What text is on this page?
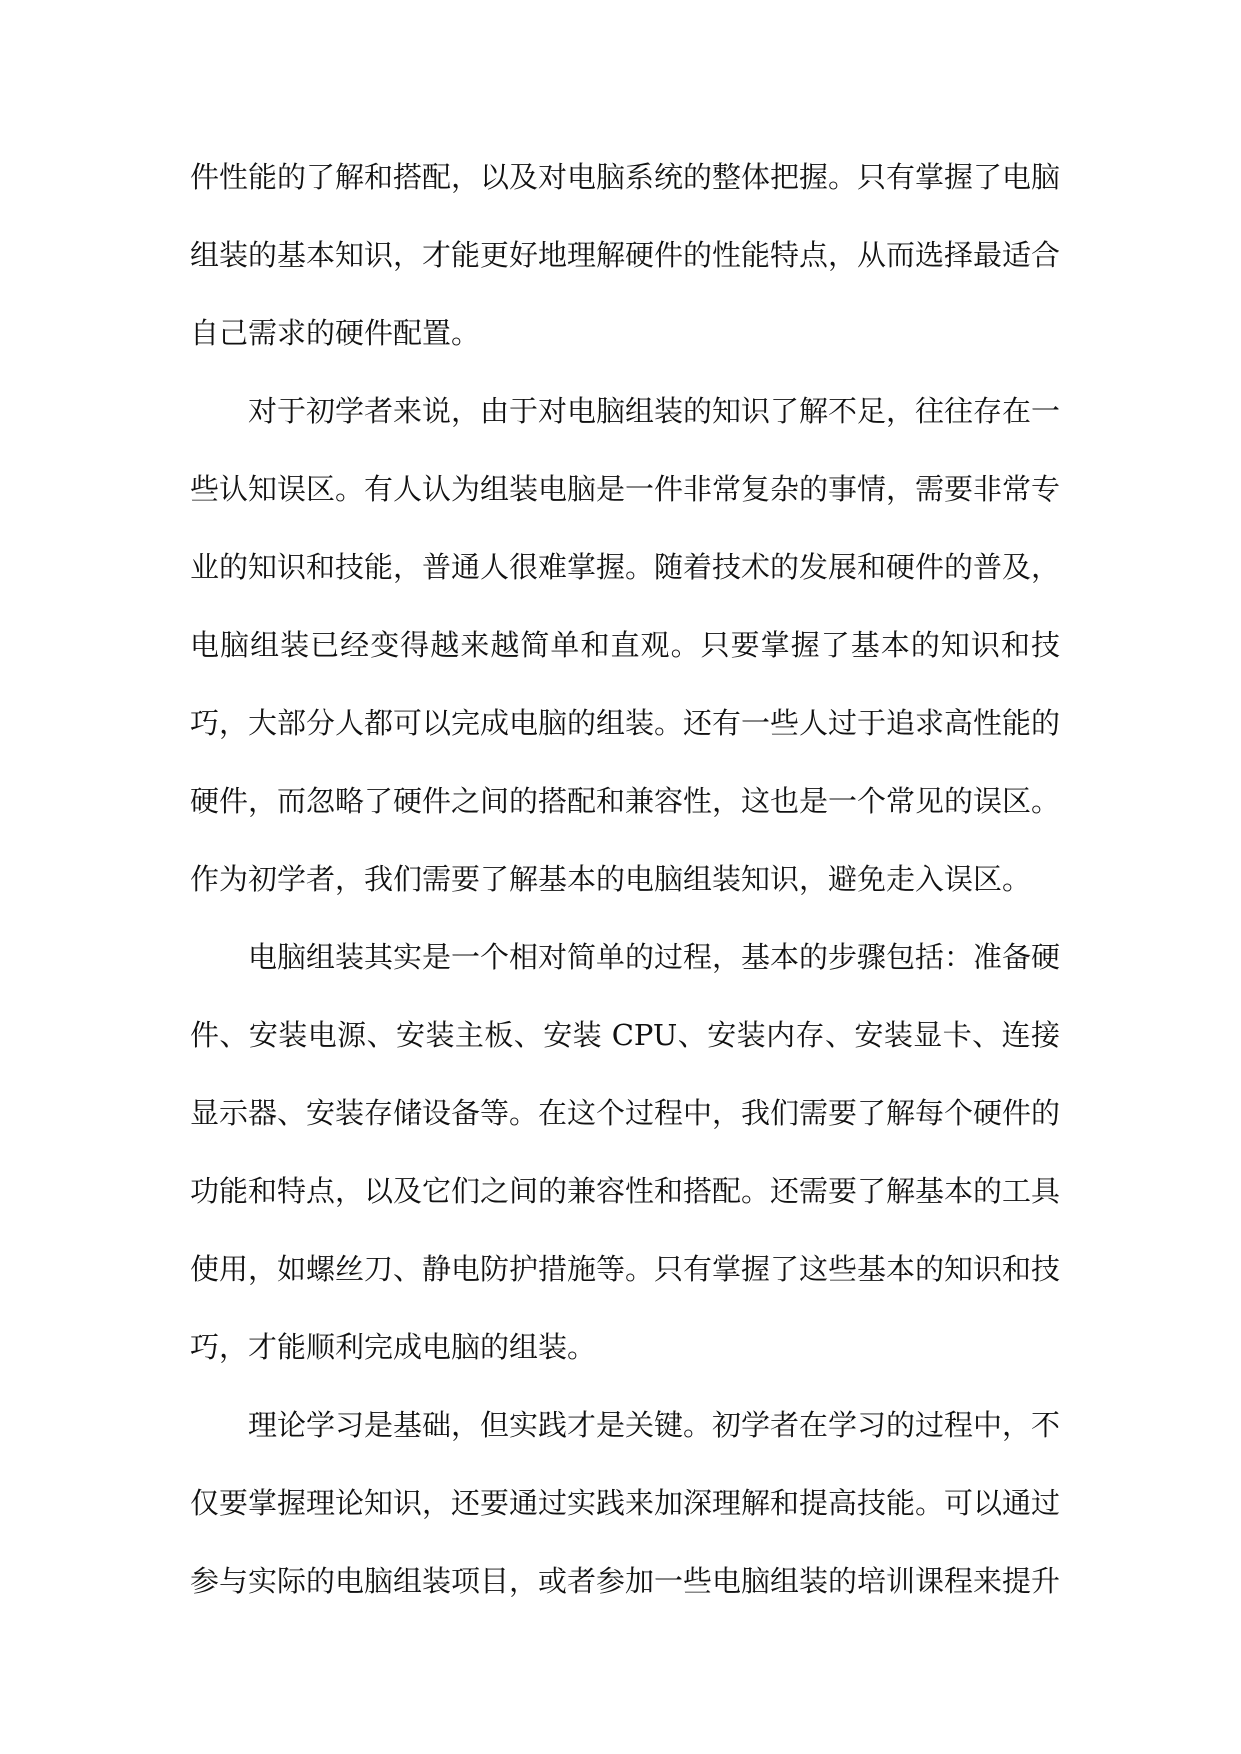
件性能的了解和搭配，以及对电脑系统的整体把握。只有掌握了电脑组装的基本知识，才能更好地理解硬件的性能特点，从而选择最适合自己需求的硬件配置。

对于初学者来说，由于对电脑组装的知识了解不足，往往存在一些认知误区。有人认为组装电脑是一件非常复杂的事情，需要非常专业的知识和技能，普通人很难掌握。随着技术的发展和硬件的普及，电脑组装已经变得越来越简单和直观。只要掌握了基本的知识和技巧，大部分人都可以完成电脑的组装。还有一些人过于追求高性能的硬件，而忽略了硬件之间的搭配和兼容性，这也是一个常见的误区。作为初学者，我们需要了解基本的电脑组装知识，避免走入误区。

电脑组装其实是一个相对简单的过程，基本的步骤包括：准备硬件、安装电源、安装主板、安装 CPU、安装内存、安装显卡、连接显示器、安装存储设备等。在这个过程中，我们需要了解每个硬件的功能和特点，以及它们之间的兼容性和搭配。还需要了解基本的工具使用，如螺丝刀、静电防护措施等。只有掌握了这些基本的知识和技巧，才能顺利完成电脑的组装。

理论学习是基础，但实践才是关键。初学者在学习的过程中，不仅要掌握理论知识，还要通过实践来加深理解和提高技能。可以通过参与实际的电脑组装项目，或者参加一些电脑组装的培训课程来提升
